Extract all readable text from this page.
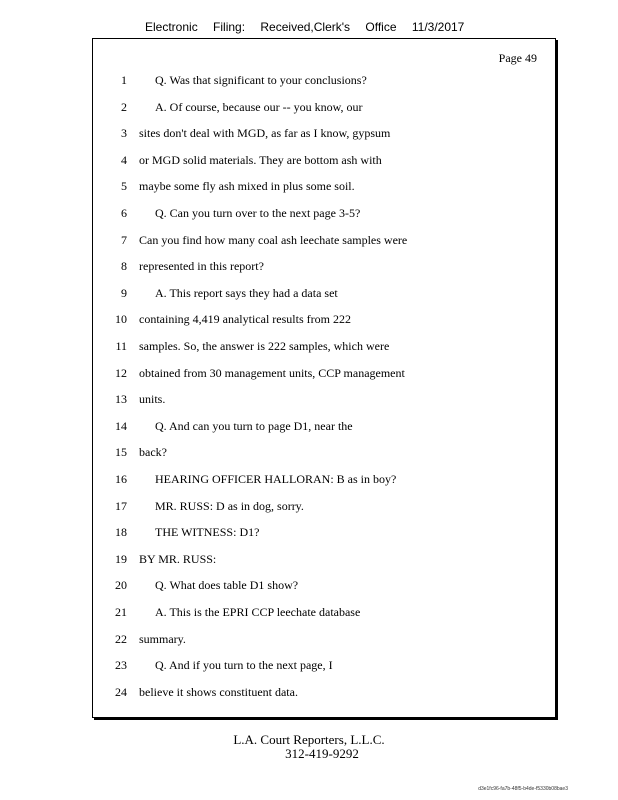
Electronic Filing: Received,Clerk's Office 11/3/2017
Page 49
1 Q. Was that significant to your conclusions?
2 A. Of course, because our -- you know, our
3 sites don't deal with MGD, as far as I know, gypsum
4 or MGD solid materials. They are bottom ash with
5 maybe some fly ash mixed in plus some soil.
6 Q. Can you turn over to the next page 3-5?
7 Can you find how many coal ash leechate samples were
8 represented in this report?
9 A. This report says they had a data set
10 containing 4,419 analytical results from 222
11 samples. So, the answer is 222 samples, which were
12 obtained from 30 management units, CCP management
13 units.
14 Q. And can you turn to page D1, near the
15 back?
16 HEARING OFFICER HALLORAN: B as in boy?
17 MR. RUSS: D as in dog, sorry.
18 THE WITNESS: D1?
19 BY MR. RUSS:
20 Q. What does table D1 show?
21 A. This is the EPRI CCP leechate database
22 summary.
23 Q. And if you turn to the next page, I
24 believe it shows constituent data.
L.A. Court Reporters, L.L.C.
312-419-9292
d3e1fc96-fa7b-48f5-b4de-f5330b08bae3
